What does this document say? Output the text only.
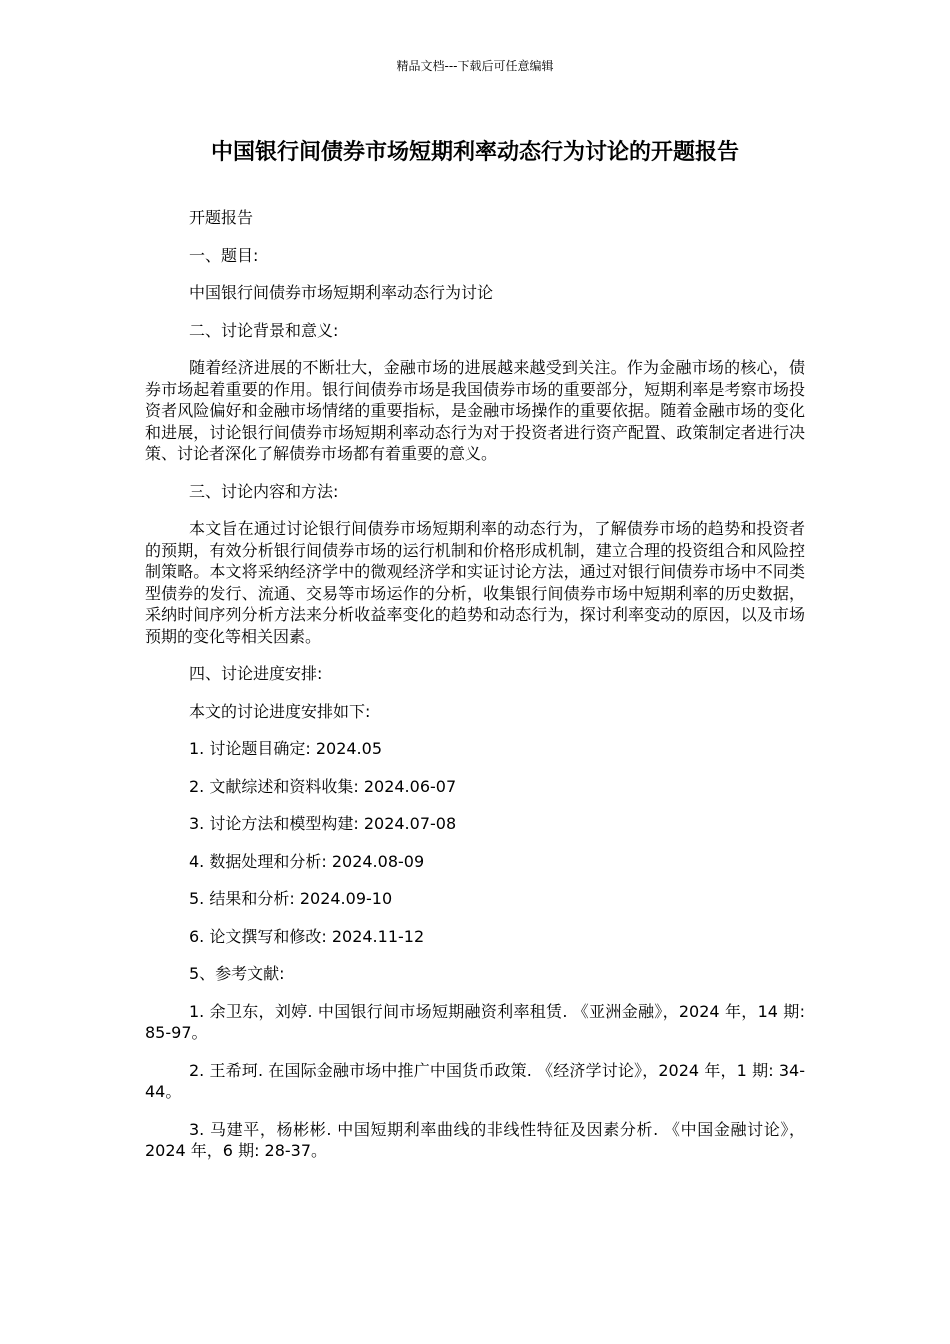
精品文档---下载后可任意编辑
中国银行间债券市场短期利率动态行为讨论的开题报告

开题报告

一、题目:

中国银行间债券市场短期利率动态行为讨论

二、讨论背景和意义:

随着经济进展的不断壮大，金融市场的进展越来越受到关注。作为金融市场的核心，债券市场起着重要的作用。银行间债券市场是我国债券市场的重要部分，短期利率是考察市场投资者风险偏好和金融市场情绪的重要指标，是金融市场操作的重要依据。随着金融市场的变化和进展，讨论银行间债券市场短期利率动态行为对于投资者进行资产配置、政策制定者进行决策、讨论者深化了解债券市场都有着重要的意义。

三、讨论内容和方法:

本文旨在通过讨论银行间债券市场短期利率的动态行为，了解债券市场的趋势和投资者的预期，有效分析银行间债券市场的运行机制和价格形成机制，建立合理的投资组合和风险控制策略。本文将采纳经济学中的微观经济学和实证讨论方法，通过对银行间债券市场中不同类型债券的发行、流通、交易等市场运作的分析，收集银行间债券市场中短期利率的历史数据，采纳时间序列分析方法来分析收益率变化的趋势和动态行为，探讨利率变动的原因，以及市场预期的变化等相关因素。

四、讨论进度安排:

本文的讨论进度安排如下:

1. 讨论题目确定: 2024.05

2. 文献综述和资料收集: 2024.06-07

3. 讨论方法和模型构建: 2024.07-08

4. 数据处理和分析: 2024.08-09

5. 结果和分析: 2024.09-10

6. 论文撰写和修改: 2024.11-12

5、参考文献:

1. 余卫东，刘婷. 中国银行间市场短期融资利率租赁. 《亚洲金融》，2024 年，14 期: 85-97。

2. 王希珂. 在国际金融市场中推广中国货币政策. 《经济学讨论》，2024 年，1 期: 34-44。

3. 马建平，杨彬彬. 中国短期利率曲线的非线性特征及因素分析. 《中国金融讨论》，2024 年，6 期: 28-37。
